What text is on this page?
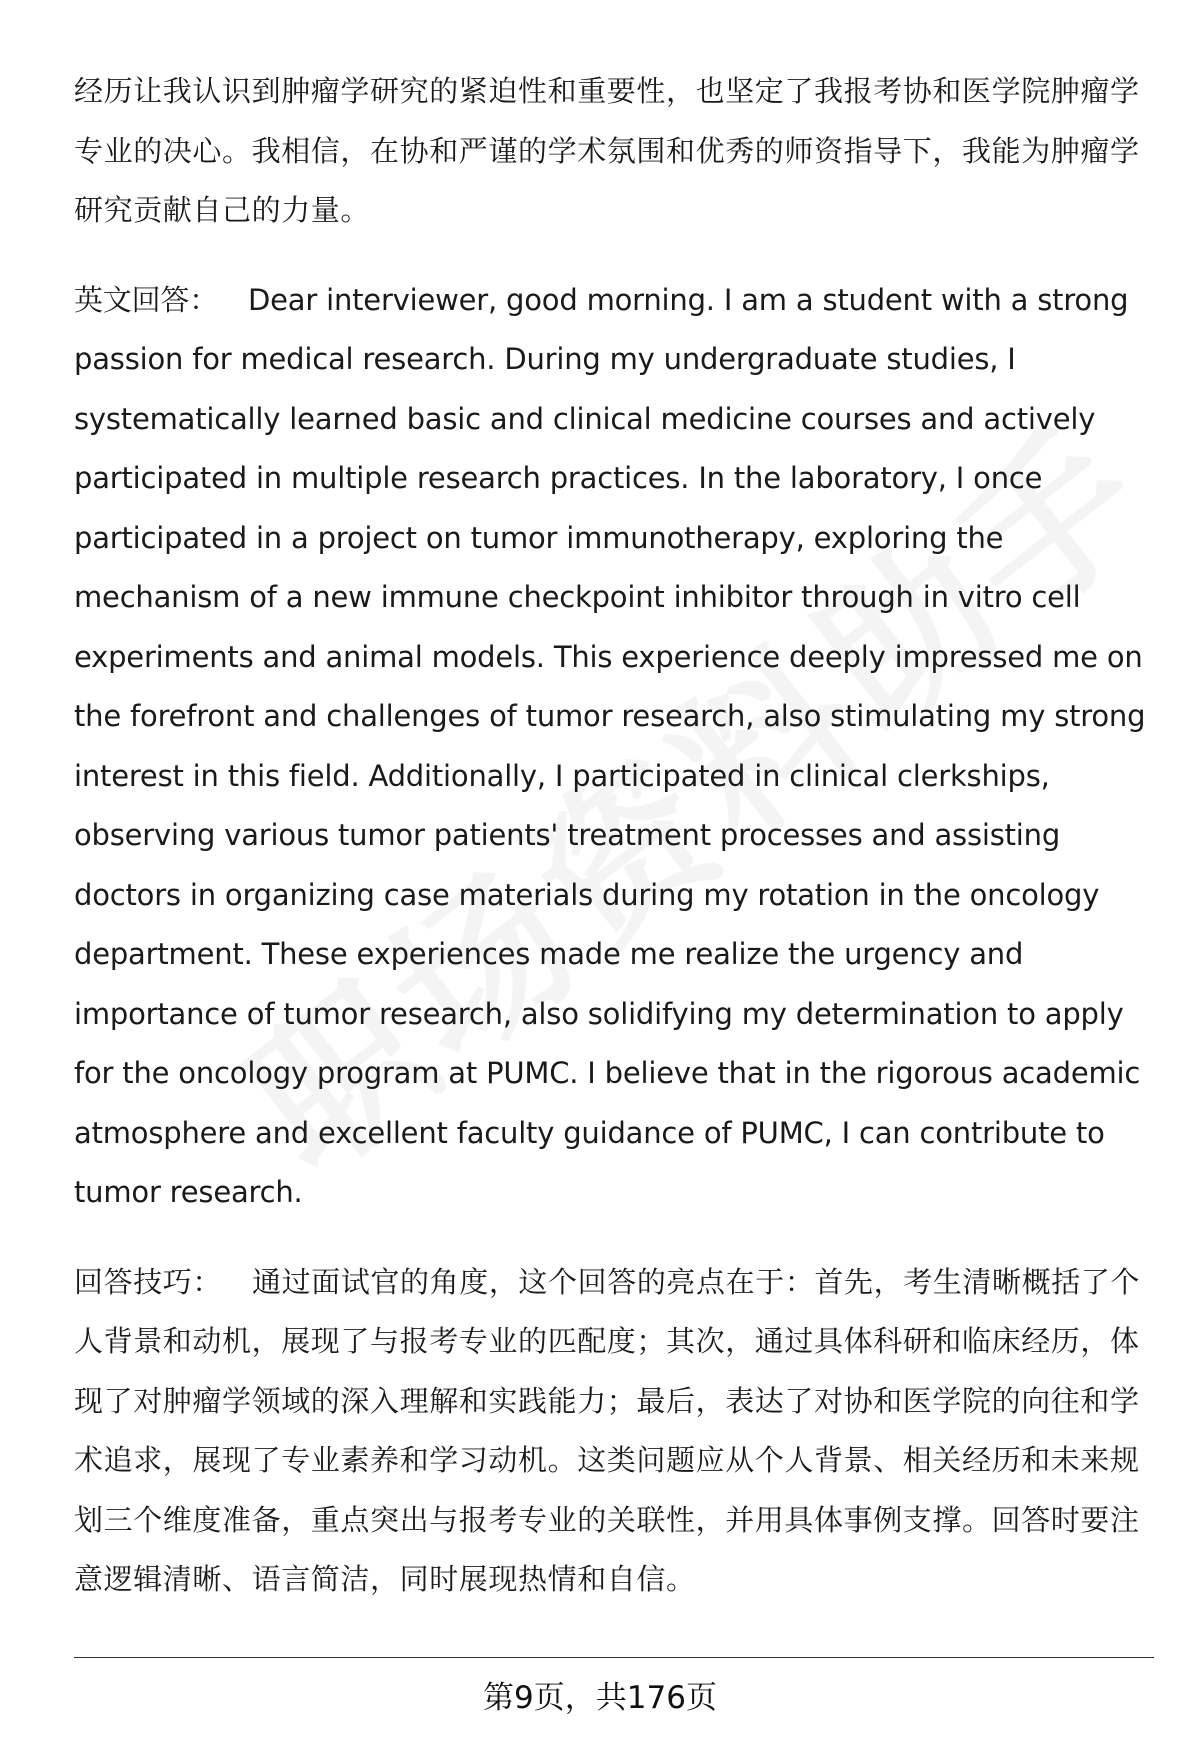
经历让我认识到肿瘤学研究的紧迫性和重要性，也坚定了我报考协和医学院肿瘤学专业的决心。我相信，在协和严谨的学术氛围和优秀的师资指导下，我能为肿瘤学研究贡献自己的力量。

英文回答： Dear interviewer, good morning. I am a student with a strong passion for medical research. During my undergraduate studies, I systematically learned basic and clinical medicine courses and actively participated in multiple research practices. In the laboratory, I once participated in a project on tumor immunotherapy, exploring the mechanism of a new immune checkpoint inhibitor through in vitro cell experiments and animal models. This experience deeply impressed me on the forefront and challenges of tumor research, also stimulating my strong interest in this field. Additionally, I participated in clinical clerkships, observing various tumor patients' treatment processes and assisting doctors in organizing case materials during my rotation in the oncology department. These experiences made me realize the urgency and importance of tumor research, also solidifying my determination to apply for the oncology program at PUMC. I believe that in the rigorous academic atmosphere and excellent faculty guidance of PUMC, I can contribute to tumor research.

回答技巧： 通过面试官的角度，这个回答的亮点在于：首先，考生清晰概括了个人背景和动机，展现了与报考专业的匹配度；其次，通过具体科研和临床经历，体现了对肿瘤学领域的深入理解和实践能力；最后，表达了对协和医学院的向往和学术追求，展现了专业素养和学习动机。这类问题应从个人背景、相关经历和未来规划三个维度准备，重点突出与报考专业的关联性，并用具体事例支撑。回答时要注意逻辑清晰、语言简洁，同时展现热情和自信。

第9页，共176页
